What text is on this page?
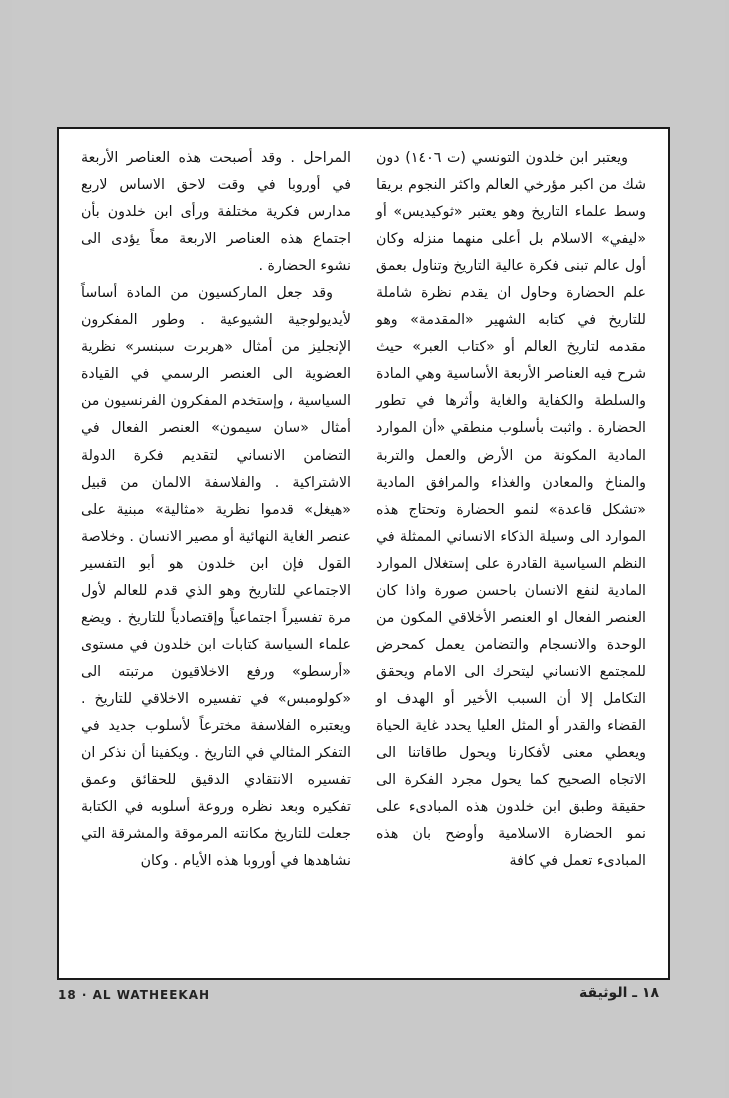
ويعتبر ابن خلدون التونسي (ت ١٤٠٦) دون شك من اكبر مؤرخي العالم واكثر النجوم بريقا وسط علماء التاريخ وهو يعتبر «ثوكيديس» أو «ليفي» الاسلام بل أعلى منهما منزله وكان أول عالم تبنى فكرة عالية التاريخ وتناول بعمق علم الحضارة وحاول ان يقدم نظرة شاملة للتاريخ في كتابه الشهير «المقدمة» وهو مقدمه لتاريخ العالم أو «كتاب العبر» حيث شرح فيه العناصر الأربعة الأساسية وهي المادة والسلطة والكفاية والغاية وأثرها في تطور الحضارة . واثبت بأسلوب منطقي «أن الموارد المادية المكونة من الأرض والعمل والتربة والمناخ والمعادن والغذاء والمرافق المادية «تشكل قاعدة» لنمو الحضارة وتحتاج هذه الموارد الى وسيلة الذكاء الانساني الممثلة في النظم السياسية القادرة على إستغلال الموارد المادية لنفع الانسان باحسن صورة واذا كان العنصر الفعال او العنصر الأخلاقي المكون من الوحدة والانسجام والتضامن يعمل كمحرض للمجتمع الانساني ليتحرك الى الامام ويحقق التكامل إلا أن السبب الأخير أو الهدف او القضاء والقدر أو المثل العليا يحدد غاية الحياة ويعطي معنى لأفكارنا ويحول طاقاتنا الى الاتجاه الصحيح كما يحول مجرد الفكرة الى حقيقة وطبق ابن خلدون هذه المبادىء على نمو الحضارة الاسلامية وأوضح بان هذه المبادىء تعمل في كافة

المراحل . وقد أصبحت هذه العناصر الأربعة في أوروبا في وقت لاحق الاساس لاربع مدارس فكرية مختلفة ورأى ابن خلدون بأن اجتماع هذه العناصر الاربعة معاً يؤدى الى نشوء الحضارة .

وقد جعل الماركسيون من المادة أساساً لأيديولوجية الشيوعية . وطور المفكرون الإنجليز من أمثال «هربرت سبنسر» نظرية العضوية الى العنصر الرسمي في القيادة السياسية ، وإستخدم المفكرون الفرنسيون من أمثال «سان سيمون» العنصر الفعال في التضامن الانساني لتقديم فكرة الدولة الاشتراكية . والفلاسفة الالمان من قبيل «هيغل» قدموا نظرية «مثالية» مبنية على عنصر الغاية النهائية أو مصير الانسان . وخلاصة القول فإن ابن خلدون هو أبو التفسير الاجتماعي للتاريخ وهو الذي قدم للعالم لأول مرة تفسيراً اجتماعياً وإقتصادياً للتاريخ . ويضع علماء السياسة كتابات ابن خلدون في مستوى «أرسطو» ورفع الاخلاقيون مرتبته الى «كولومبس» في تفسيره الاخلاقي للتاريخ . ويعتبره الفلاسفة مخترعاً لأسلوب جديد في التفكر المثالي في التاريخ . ويكفينا أن نذكر ان تفسيره الانتقادي الدقيق للحقائق وعمق تفكيره وبعد نظره وروعة أسلوبه في الكتابة جعلت للتاريخ مكانته المرموقة والمشرقة التي نشاهدها في أوروبا هذه الأيام . وكان

18 · AL WATHEEKAH	١٨ ـ الوثيقة
